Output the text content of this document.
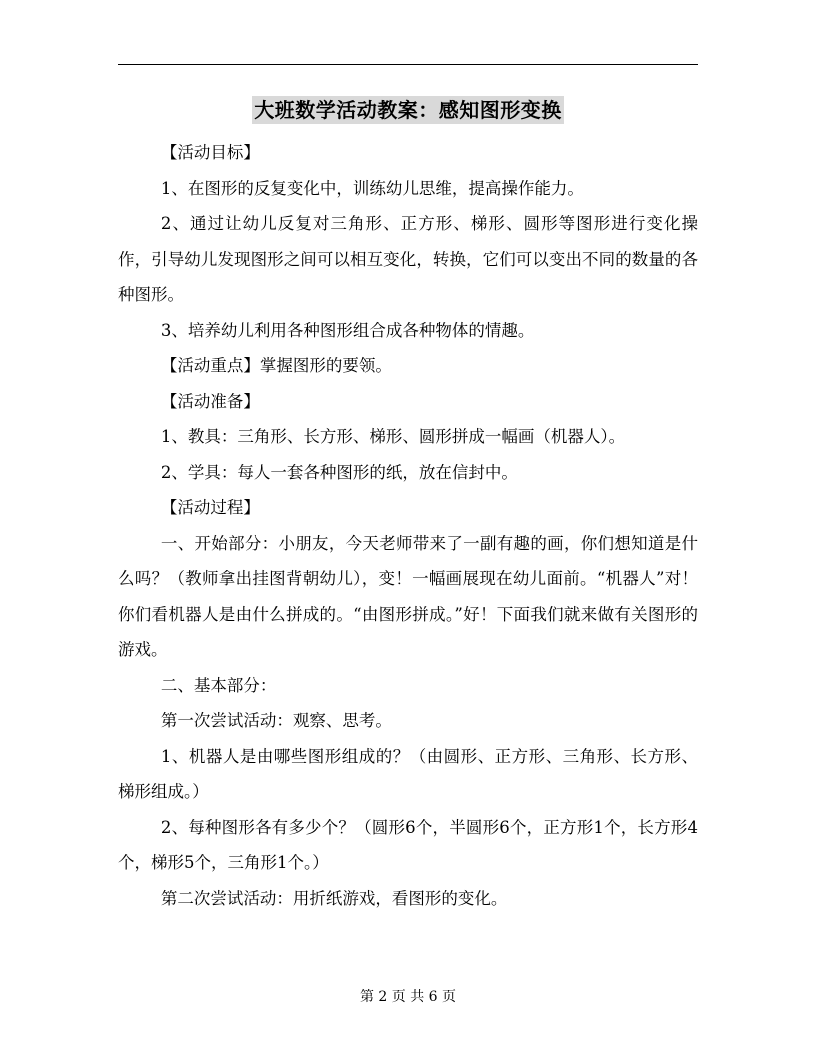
大班数学活动教案：感知图形变换

【活动目标】

1、在图形的反复变化中，训练幼儿思维，提高操作能力。

2、通过让幼儿反复对三角形、正方形、梯形、圆形等图形进行变化操作，引导幼儿发现图形之间可以相互变化，转换，它们可以变出不同的数量的各种图形。

3、培养幼儿利用各种图形组合成各种物体的情趣。

【活动重点】掌握图形的要领。

【活动准备】

1、教具：三角形、长方形、梯形、圆形拼成一幅画（机器人）。

2、学具：每人一套各种图形的纸，放在信封中。

【活动过程】

一、开始部分：小朋友，今天老师带来了一副有趣的画，你们想知道是什么吗？（教师拿出挂图背朝幼儿），变！一幅画展现在幼儿面前。“机器人”对！你们看机器人是由什么拼成的。“由图形拼成。”好！下面我们就来做有关图形的游戏。

二、基本部分：

第一次尝试活动：观察、思考。

1、机器人是由哪些图形组成的？（由圆形、正方形、三角形、长方形、梯形组成。）

2、每种图形各有多少个？（圆形6个，半圆形6个，正方形1个，长方形4个，梯形5个，三角形1个。）

第二次尝试活动：用折纸游戏，看图形的变化。

第 2 页 共 6 页
